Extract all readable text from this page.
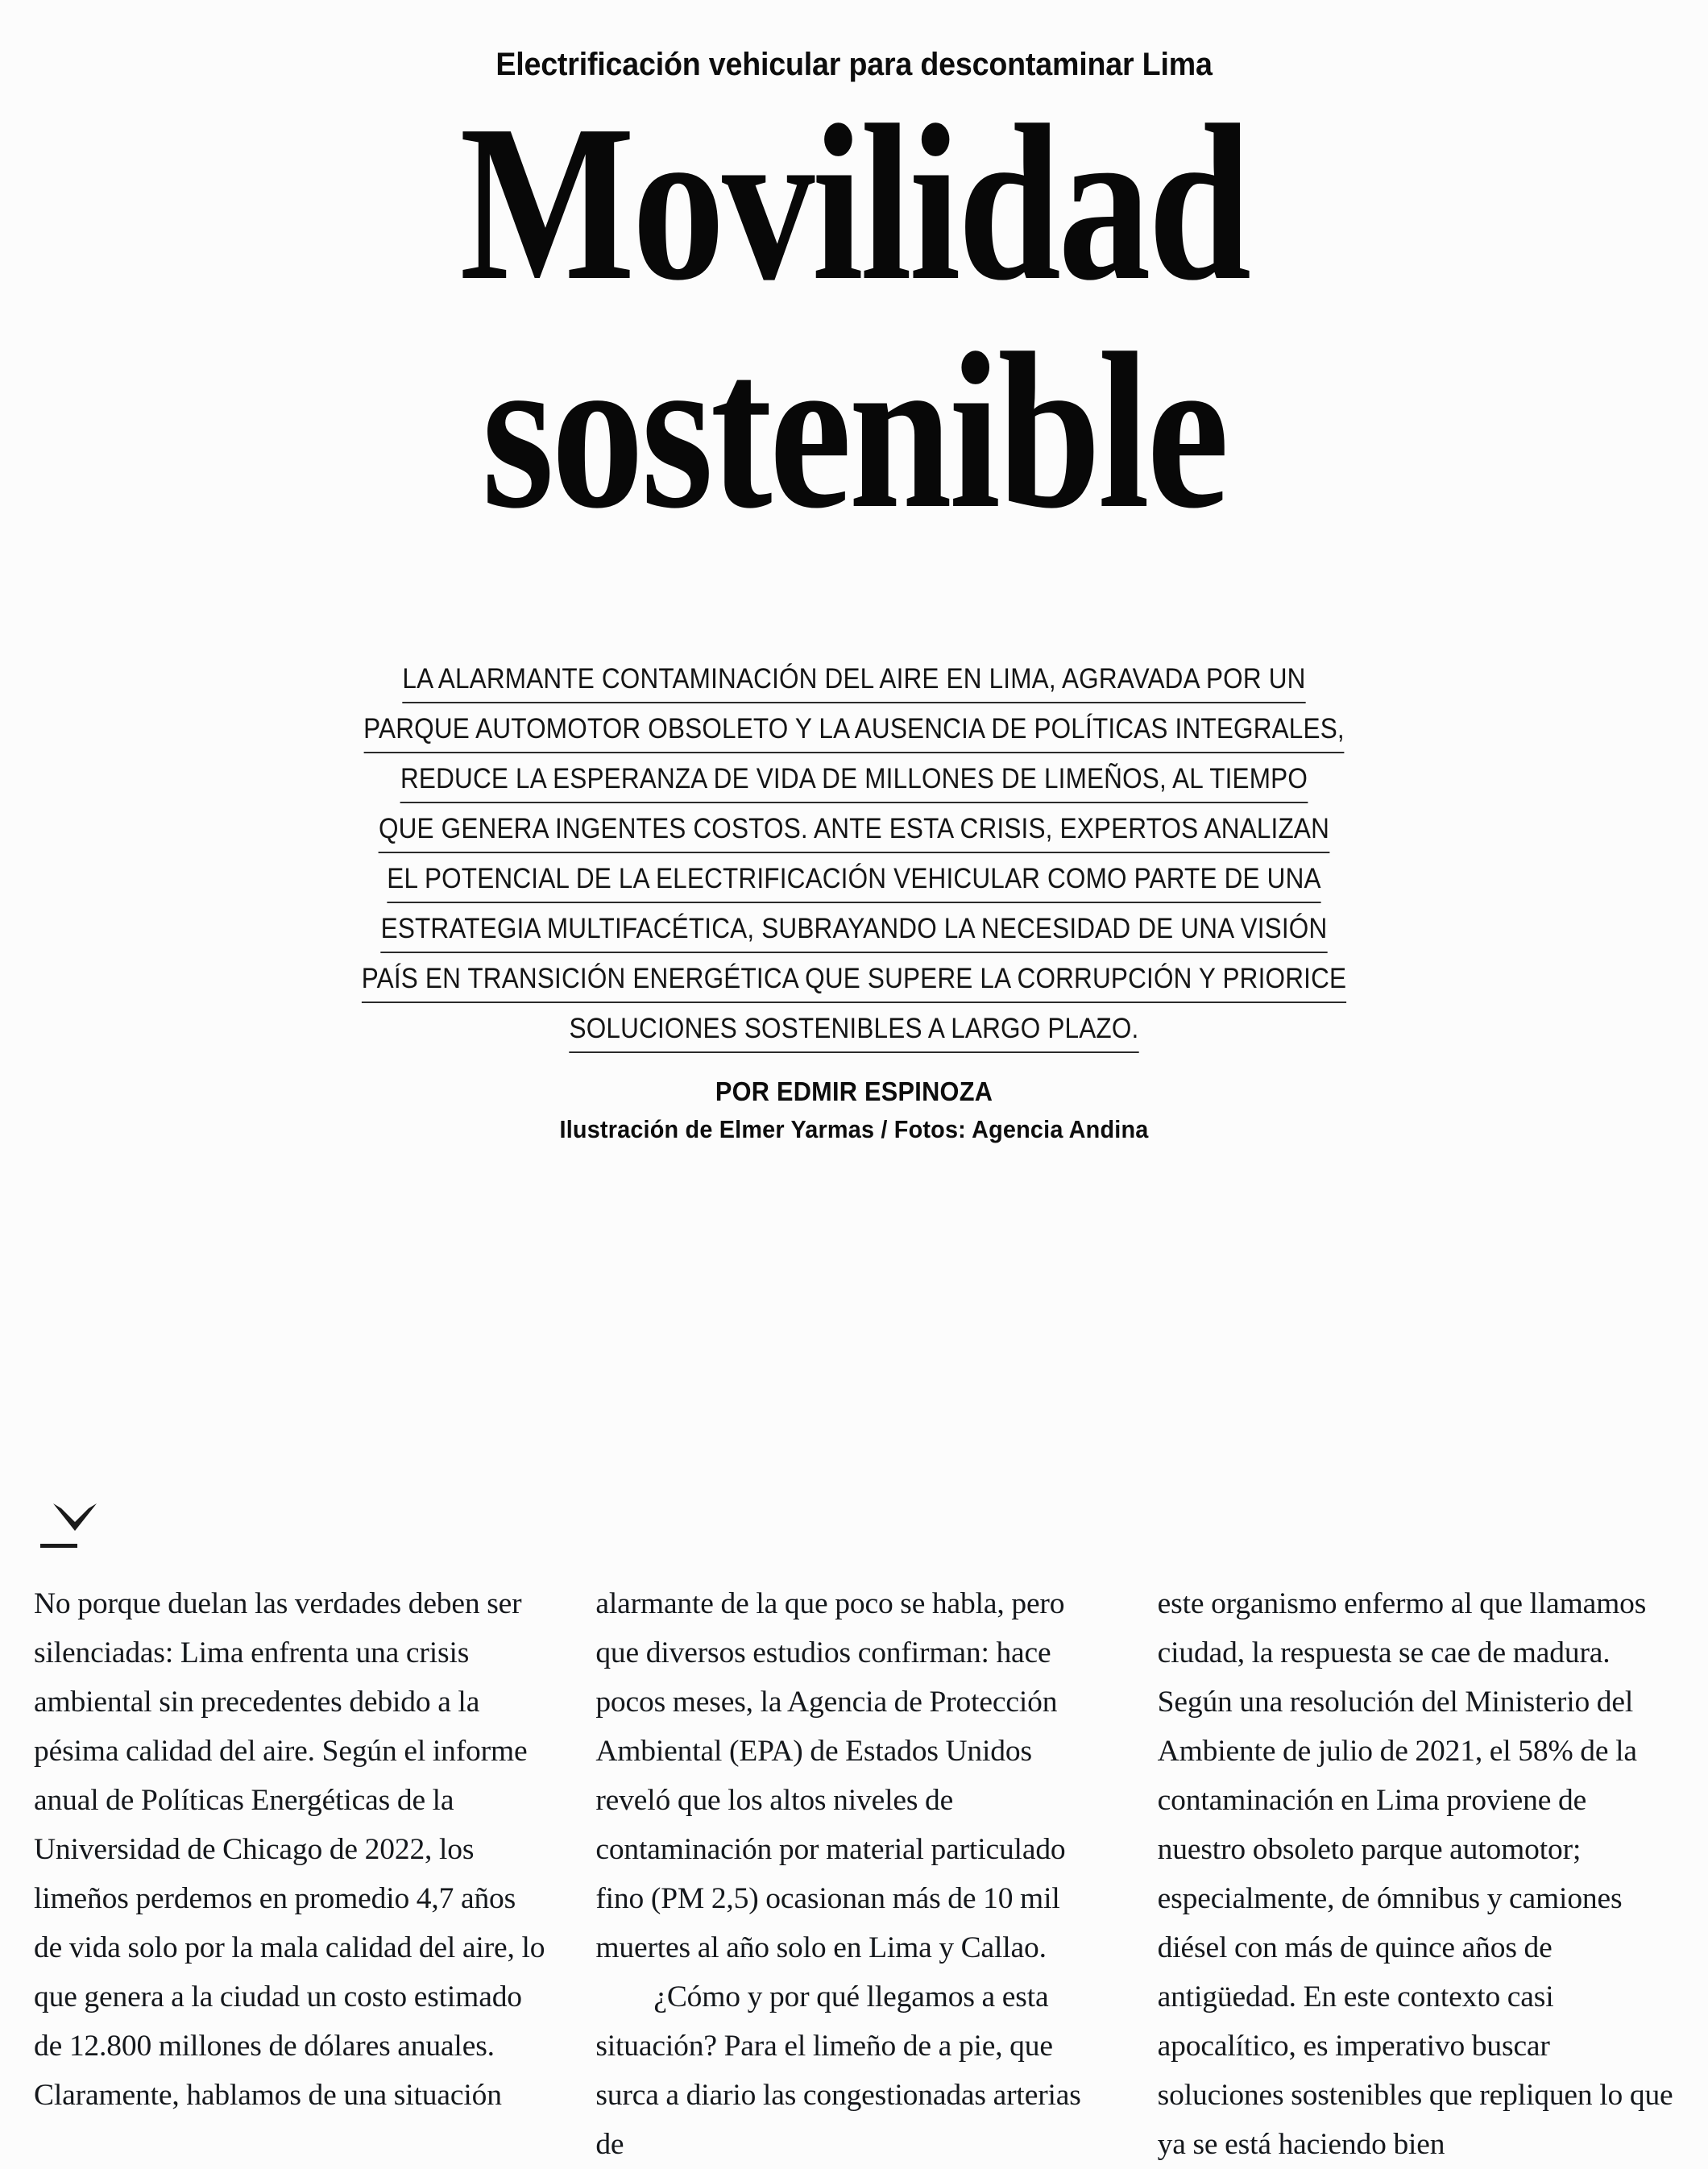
Electrificación vehicular para descontaminar Lima
Movilidad
sostenible
LA ALARMANTE CONTAMINACIÓN DEL AIRE EN LIMA, AGRAVADA POR UN
PARQUE AUTOMOTOR OBSOLETO Y LA AUSENCIA DE POLÍTICAS INTEGRALES,
REDUCE LA ESPERANZA DE VIDA DE MILLONES DE LIMEÑOS, AL TIEMPO
QUE GENERA INGENTES COSTOS. ANTE ESTA CRISIS, EXPERTOS ANALIZAN
EL POTENCIAL DE LA ELECTRIFICACIÓN VEHICULAR COMO PARTE DE UNA
ESTRATEGIA MULTIFACÉTICA, SUBRAYANDO LA NECESIDAD DE UNA VISIÓN
PAÍS EN TRANSICIÓN ENERGÉTICA QUE SUPERE LA CORRUPCIÓN Y PRIORICE
SOLUCIONES SOSTENIBLES A LARGO PLAZO.
POR EDMIR ESPINOZA
Ilustración de Elmer Yarmas / Fotos: Agencia Andina

No porque duelan las verdades deben ser silenciadas: Lima enfrenta una crisis ambiental sin precedentes debido a la pésima calidad del aire. Según el informe anual de Políticas Energéticas de la Universidad de Chicago de 2022, los limeños perdemos en promedio 4,7 años de vida solo por la mala calidad del aire, lo que genera a la ciudad un costo estimado de 12.800 millones de dólares anuales. Claramente, hablamos de una situación

alarmante de la que poco se habla, pero que diversos estudios confirman: hace pocos meses, la Agencia de Protección Ambiental (EPA) de Estados Unidos reveló que los altos niveles de contaminación por material particulado fino (PM 2,5) ocasionan más de 10 mil muertes al año solo en Lima y Callao.

¿Cómo y por qué llegamos a esta situación? Para el limeño de a pie, que surca a diario las congestionadas arterias de

este organismo enfermo al que llamamos ciudad, la respuesta se cae de madura. Según una resolución del Ministerio del Ambiente de julio de 2021, el 58% de la contaminación en Lima proviene de nuestro obsoleto parque automotor; especialmente, de ómnibus y camiones diésel con más de quince años de antigüedad. En este contexto casi apocalítico, es imperativo buscar soluciones sostenibles que repliquen lo que ya se está haciendo bien
